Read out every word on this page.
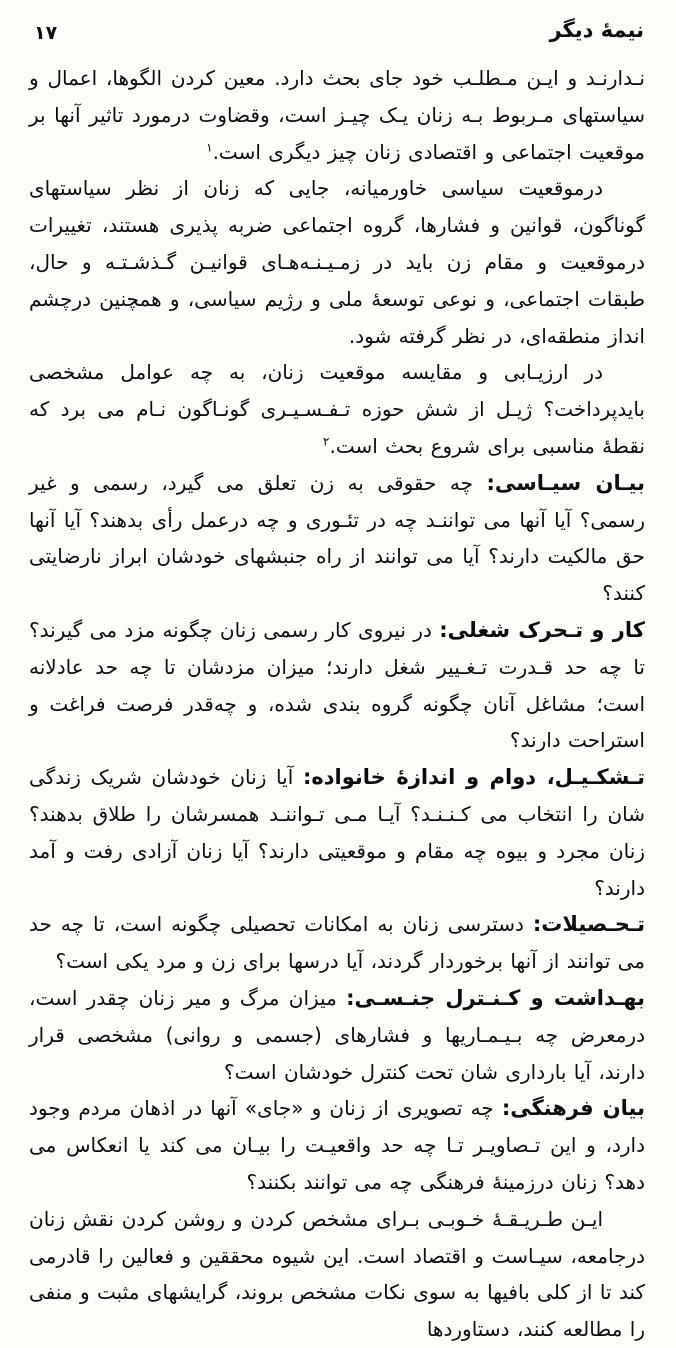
نیمهٔ دیگر
۱۷

نـدارنـد و ایـن مـطلـب خود جای بحث دارد. معین کردن الگوها، اعمال و سیاستهای مـربوط بـه زنان یـک چیـز است، وقضاوت درمورد تاثیر آنها بر موقعیت اجتماعی و اقتصادی زنان چیز دیگری است.$^۱$

درموقعیت سیاسی خاورمیانه، جایی که زنان از نظر سیاستهای گوناگون، قوانین و فشارها، گروه اجتماعی ضربه پذیری هستند، تغییرات درموقعیت و مقام زن باید در زمـیـنـه‌هـای قوانیـن گـذشـتـه و حال، طبقات اجتماعی، و نوعی توسعهٔ ملی و رژیم سیاسی، و همچنین درچشم انداز منطقه‌ای، در نظر گرفته شود.

در ارزیـابی و مقایسه موقعیت زنان، به چه عوامل مشخصی بایدپرداخت؟ ژیـل از شش حوزه تـفـسـیـری گونـاگون نـام می برد که نقطهٔ مناسبی برای شروع بحث است.$^۲$

بیـان سیـاسی: چه حقوقی به زن تعلق می گیرد، رسمی و غیر رسمی؟ آیا آنها می تواننـد چه در تئـوری و چه درعمل رأی بدهند؟ آیا آنها حق مالکیت دارند؟ آیا می توانند از راه جنبشهای خودشان ابراز نارضایتی کنند؟

کار و تـحرک شغلی: در نیروی کار رسمی زنان چگونه مزد می گیرند؟ تا چه حد قـدرت تـغـییر شغل دارند؛ میزان مزدشان تا چه حد عادلانه است؛ مشاغل آنان چگونه گروه بندی شده، و چه‌قدر فرصت فراغت و استراحت دارند؟

تـشکـیـل، دوام و اندازهٔ خانواده: آیا زنان خودشان شریک زندگی شان را انتخاب می کـنـنـد؟ آیـا مـی تـواننـد همسرشان را طلاق بدهند؟ زنان مجرد و بیوه چه مقام و موقعیتی دارند؟ آیا زنان آزادی رفت و آمد دارند؟

تـحـصیلات: دسترسی زنان به امکانات تحصیلی چگونه است، تا چه حد می توانند از آنها برخوردار گردند، آیا درسها برای زن و مرد یکی است؟

بهـداشت و کـنـترل جنـسـی: میزان مرگ و میر زنان چقدر است، درمعرض چه بـیـمـاریها و فشارهای (جسمی و روانی) مشخصی قرار دارند، آیا بارداری شان تحت کنترل خودشان است؟

بیان فرهنگی: چه تصویری از زنان و «جای» آنها در اذهان مردم وجود دارد، و این تـصاویـر تـا چه حد واقعیـت را بیـان می کند یا انعکاس می دهد؟ زنان درزمینهٔ فرهنگی چه می توانند بکنند؟

ایـن طـریـقـهٔ خـوبـی بـرای مشخص کردن و روشن کردن نقش زنان درجامعه، سیـاست و اقتصاد است. این شیوه محققین و فعالین را قادرمی کند تا از کلی بافیها به سوی نکات مشخص بروند، گرایشهای مثبت و منفی را مطالعه کنند، دستاوردها
